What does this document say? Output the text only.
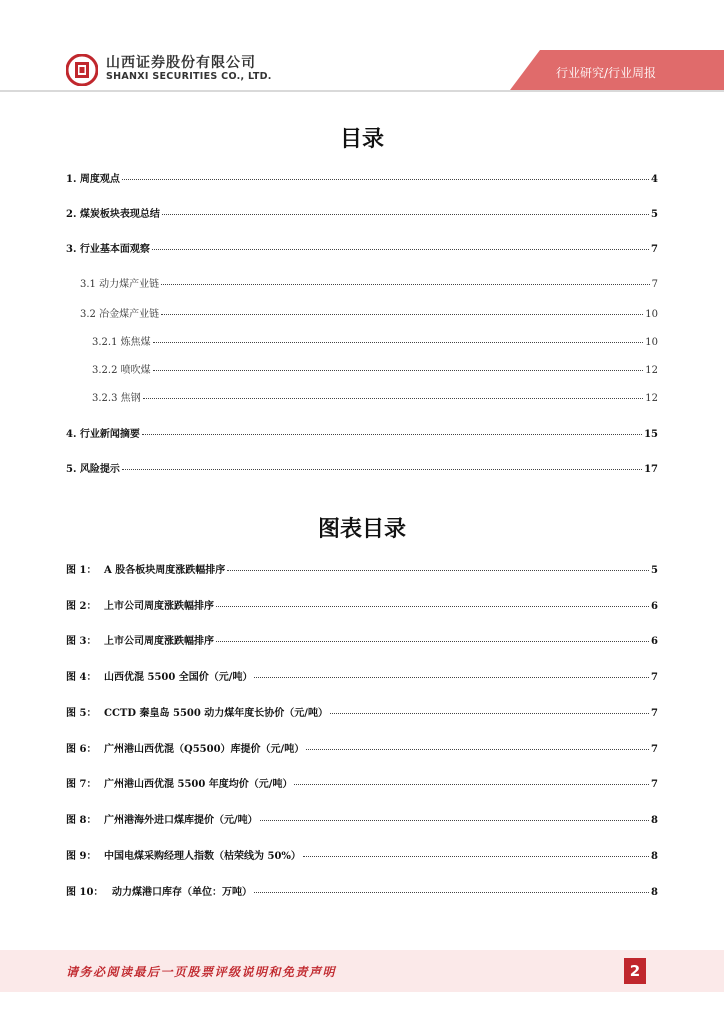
山西证券股份有限公司
SHANXI SECURITIES CO., LTD.	行业研究/行业周报
目录
1. 周度观点	4
2. 煤炭板块表现总结	5
3. 行业基本面观察	7
3.1 动力煤产业链	7
3.2 冶金煤产业链	10
3.2.1 炼焦煤	10
3.2.2 喷吹煤	12
3.2.3 焦钢	12
4. 行业新闻摘要	15
5. 风险提示	17
图表目录
图 1： A 股各板块周度涨跌幅排序	5
图 2： 上市公司周度涨跌幅排序	6
图 3： 上市公司周度涨跌幅排序	6
图 4： 山西优混 5500 全国价（元/吨）	7
图 5： CCTD 秦皇岛 5500 动力煤年度长协价（元/吨）	7
图 6： 广州港山西优混（Q5500）库提价（元/吨）	7
图 7： 广州港山西优混 5500 年度均价（元/吨）	7
图 8： 广州港海外进口煤库提价（元/吨）	8
图 9： 中国电煤采购经理人指数（枯荣线为 50%）	8
图 10： 动力煤港口库存（单位：万吨）	8
请务必阅读最后一页股票评级说明和免责声明	2
